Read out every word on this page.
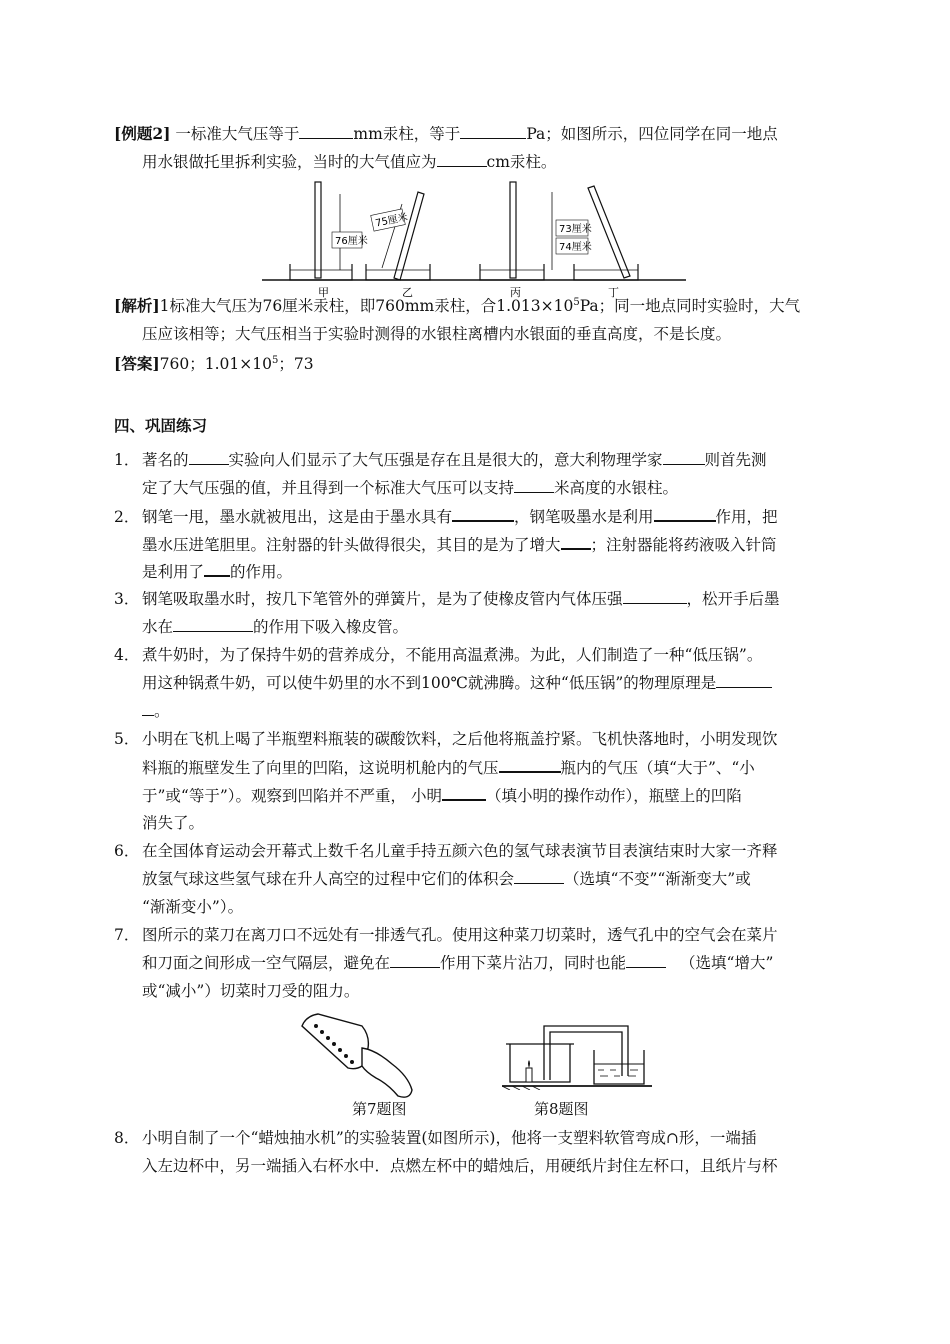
[例题2] 一标准大气压等于	mm汞柱，等于	Pa；如图所示，四位同学在同一地点
用水银做托里拆利实验，当时的大气值应为	cm汞柱。
76厘米
75厘米	73厘米
74厘米
甲	乙	丙	丁
[解析]1标准大气压为76厘米汞柱，即760mm汞柱，合$1.013\times 10^5Pa$；同一地点同时实验时，大气
压应该相等；大气压相当于实验时测得的水银柱离槽内水银面的垂直高度，不是长度。
[答案]760；$1.01\times 10^5$；73
四、巩固练习
1． 著名的	实验向人们显示了大气压强是存在且是很大的，意大利物理学家	则首先测
定了大气压强的值，并且得到一个标准大气压可以支持	米高度的水银柱。
2． 钢笔一甩，墨水就被甩出，这是由于墨水具有	，钢笔吸墨水是利用	作用，把
墨水压进笔胆里。注射器的针头做得很尖，其目的是为了增大 ；注射器能将药液吸入针筒
是利用了 的作用。
3． 钢笔吸取墨水时，按几下笔管外的弹簧片，是为了使橡皮管内气体压强	，松开手后墨
水在	的作用下吸入橡皮管。
4． 煮牛奶时，为了保持牛奶的营养成分，不能用高温煮沸。为此，人们制造了一种“低压锅”。
用这种锅煮牛奶，可以使牛奶里的水不到100℃就沸腾。这种“低压锅”的物理原理是
。
5． 小明在飞机上喝了半瓶塑料瓶装的碳酸饮料，之后他将瓶盖拧紧。飞机快落地时，小明发现饮
料瓶的瓶壁发生了向里的凹陷，这说明机舱内的气压	瓶内的气压（填“大于”、“小
于”或“等于”）。观察到凹陷并不严重， 小明	（填小明的操作动作），瓶壁上的凹陷
消失了。
6． 在全国体育运动会开幕式上数千名儿童手持五颜六色的氢气球表演节目表演结束时大家一齐释
放氢气球这些氢气球在升人高空的过程中它们的体积会	（选填“不变”“渐渐变大”或
“渐渐变小”）。
7． 图所示的菜刀在离刀口不远处有一排透气孔。使用这种菜刀切菜时，透气孔中的空气会在菜片
和刀面之间形成一空气隔层，避免在	作用下菜片沾刀，同时也能	（选填“增大”
或“减小”）切菜时刀受的阻力。
第7题图	第8题图
8． 小明自制了一个“蜡烛抽水机”的实验装置(如图所示)，他将一支塑料软管弯成∩形，一端插
入左边杯中，另一端插入右杯水中．点燃左杯中的蜡烛后，用硬纸片封住左杯口，且纸片与杯
